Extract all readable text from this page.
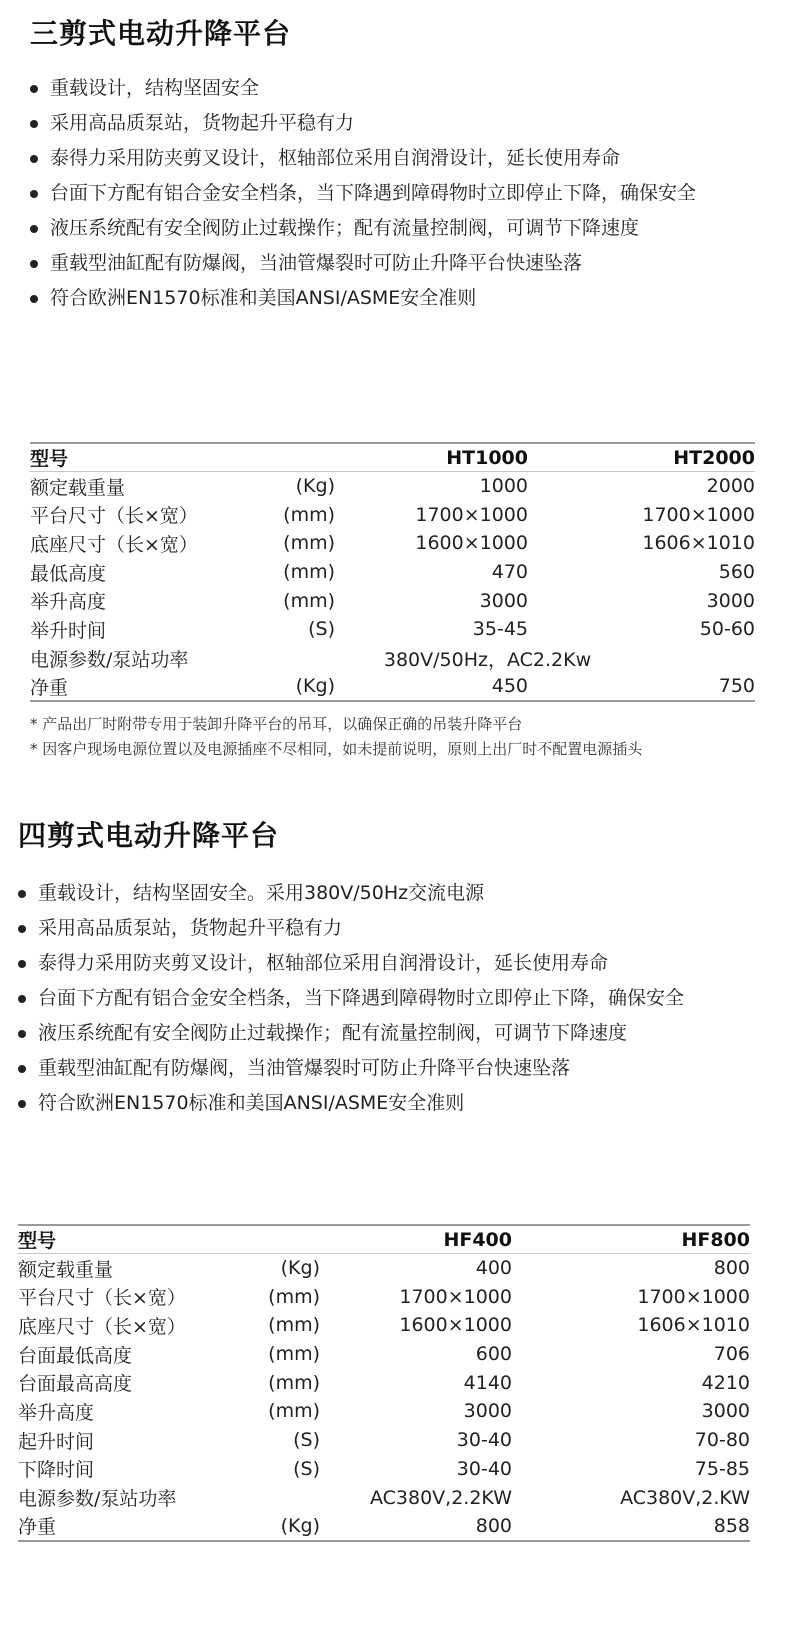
三剪式电动升降平台
重载设计，结构坚固安全
采用高品质泵站，货物起升平稳有力
泰得力采用防夹剪叉设计，枢轴部位采用自润滑设计，延长使用寿命
台面下方配有铝合金安全档条，当下降遇到障碍物时立即停止下降，确保安全
液压系统配有安全阀防止过载操作；配有流量控制阀，可调节下降速度
重载型油缸配有防爆阀，当油管爆裂时可防止升降平台快速坠落
符合欧洲EN1570标准和美国ANSI/ASME安全准则
型号		HT1000	HT2000
额定载重量	(Kg)	1000	2000
平台尺寸（长×宽）	(mm)	1700×1000	1700×1000
底座尺寸（长×宽）	(mm)	1600×1000	1606×1010
最低高度	(mm)	470	560
举升高度	(mm)	3000	3000
举升时间	(S)	35-45	50-60
电源参数/泵站功率	380V/50Hz，AC2.2Kw		
净重	(Kg)	450	750
* 产品出厂时附带专用于装卸升降平台的吊耳，以确保正确的吊装升降平台
* 因客户现场电源位置以及电源插座不尽相同，如未提前说明，原则上出厂时不配置电源插头
四剪式电动升降平台
重载设计，结构坚固安全。采用380V/50Hz交流电源
采用高品质泵站，货物起升平稳有力
泰得力采用防夹剪叉设计，枢轴部位采用自润滑设计，延长使用寿命
台面下方配有铝合金安全档条，当下降遇到障碍物时立即停止下降，确保安全
液压系统配有安全阀防止过载操作；配有流量控制阀，可调节下降速度
重载型油缸配有防爆阀，当油管爆裂时可防止升降平台快速坠落
符合欧洲EN1570标准和美国ANSI/ASME安全准则
型号		HF400	HF800
额定载重量	(Kg)	400	800
平台尺寸（长×宽）	(mm)	1700×1000	1700×1000
底座尺寸（长×宽）	(mm)	1600×1000	1606×1010
台面最低高度	(mm)	600	706
台面最高高度	(mm)	4140	4210
举升高度	(mm)	3000	3000
起升时间	(S)	30-40	70-80
下降时间	(S)	30-40	75-85
电源参数/泵站功率		AC380V,2.2KW	AC380V,2.KW
净重	(Kg)	800	858
